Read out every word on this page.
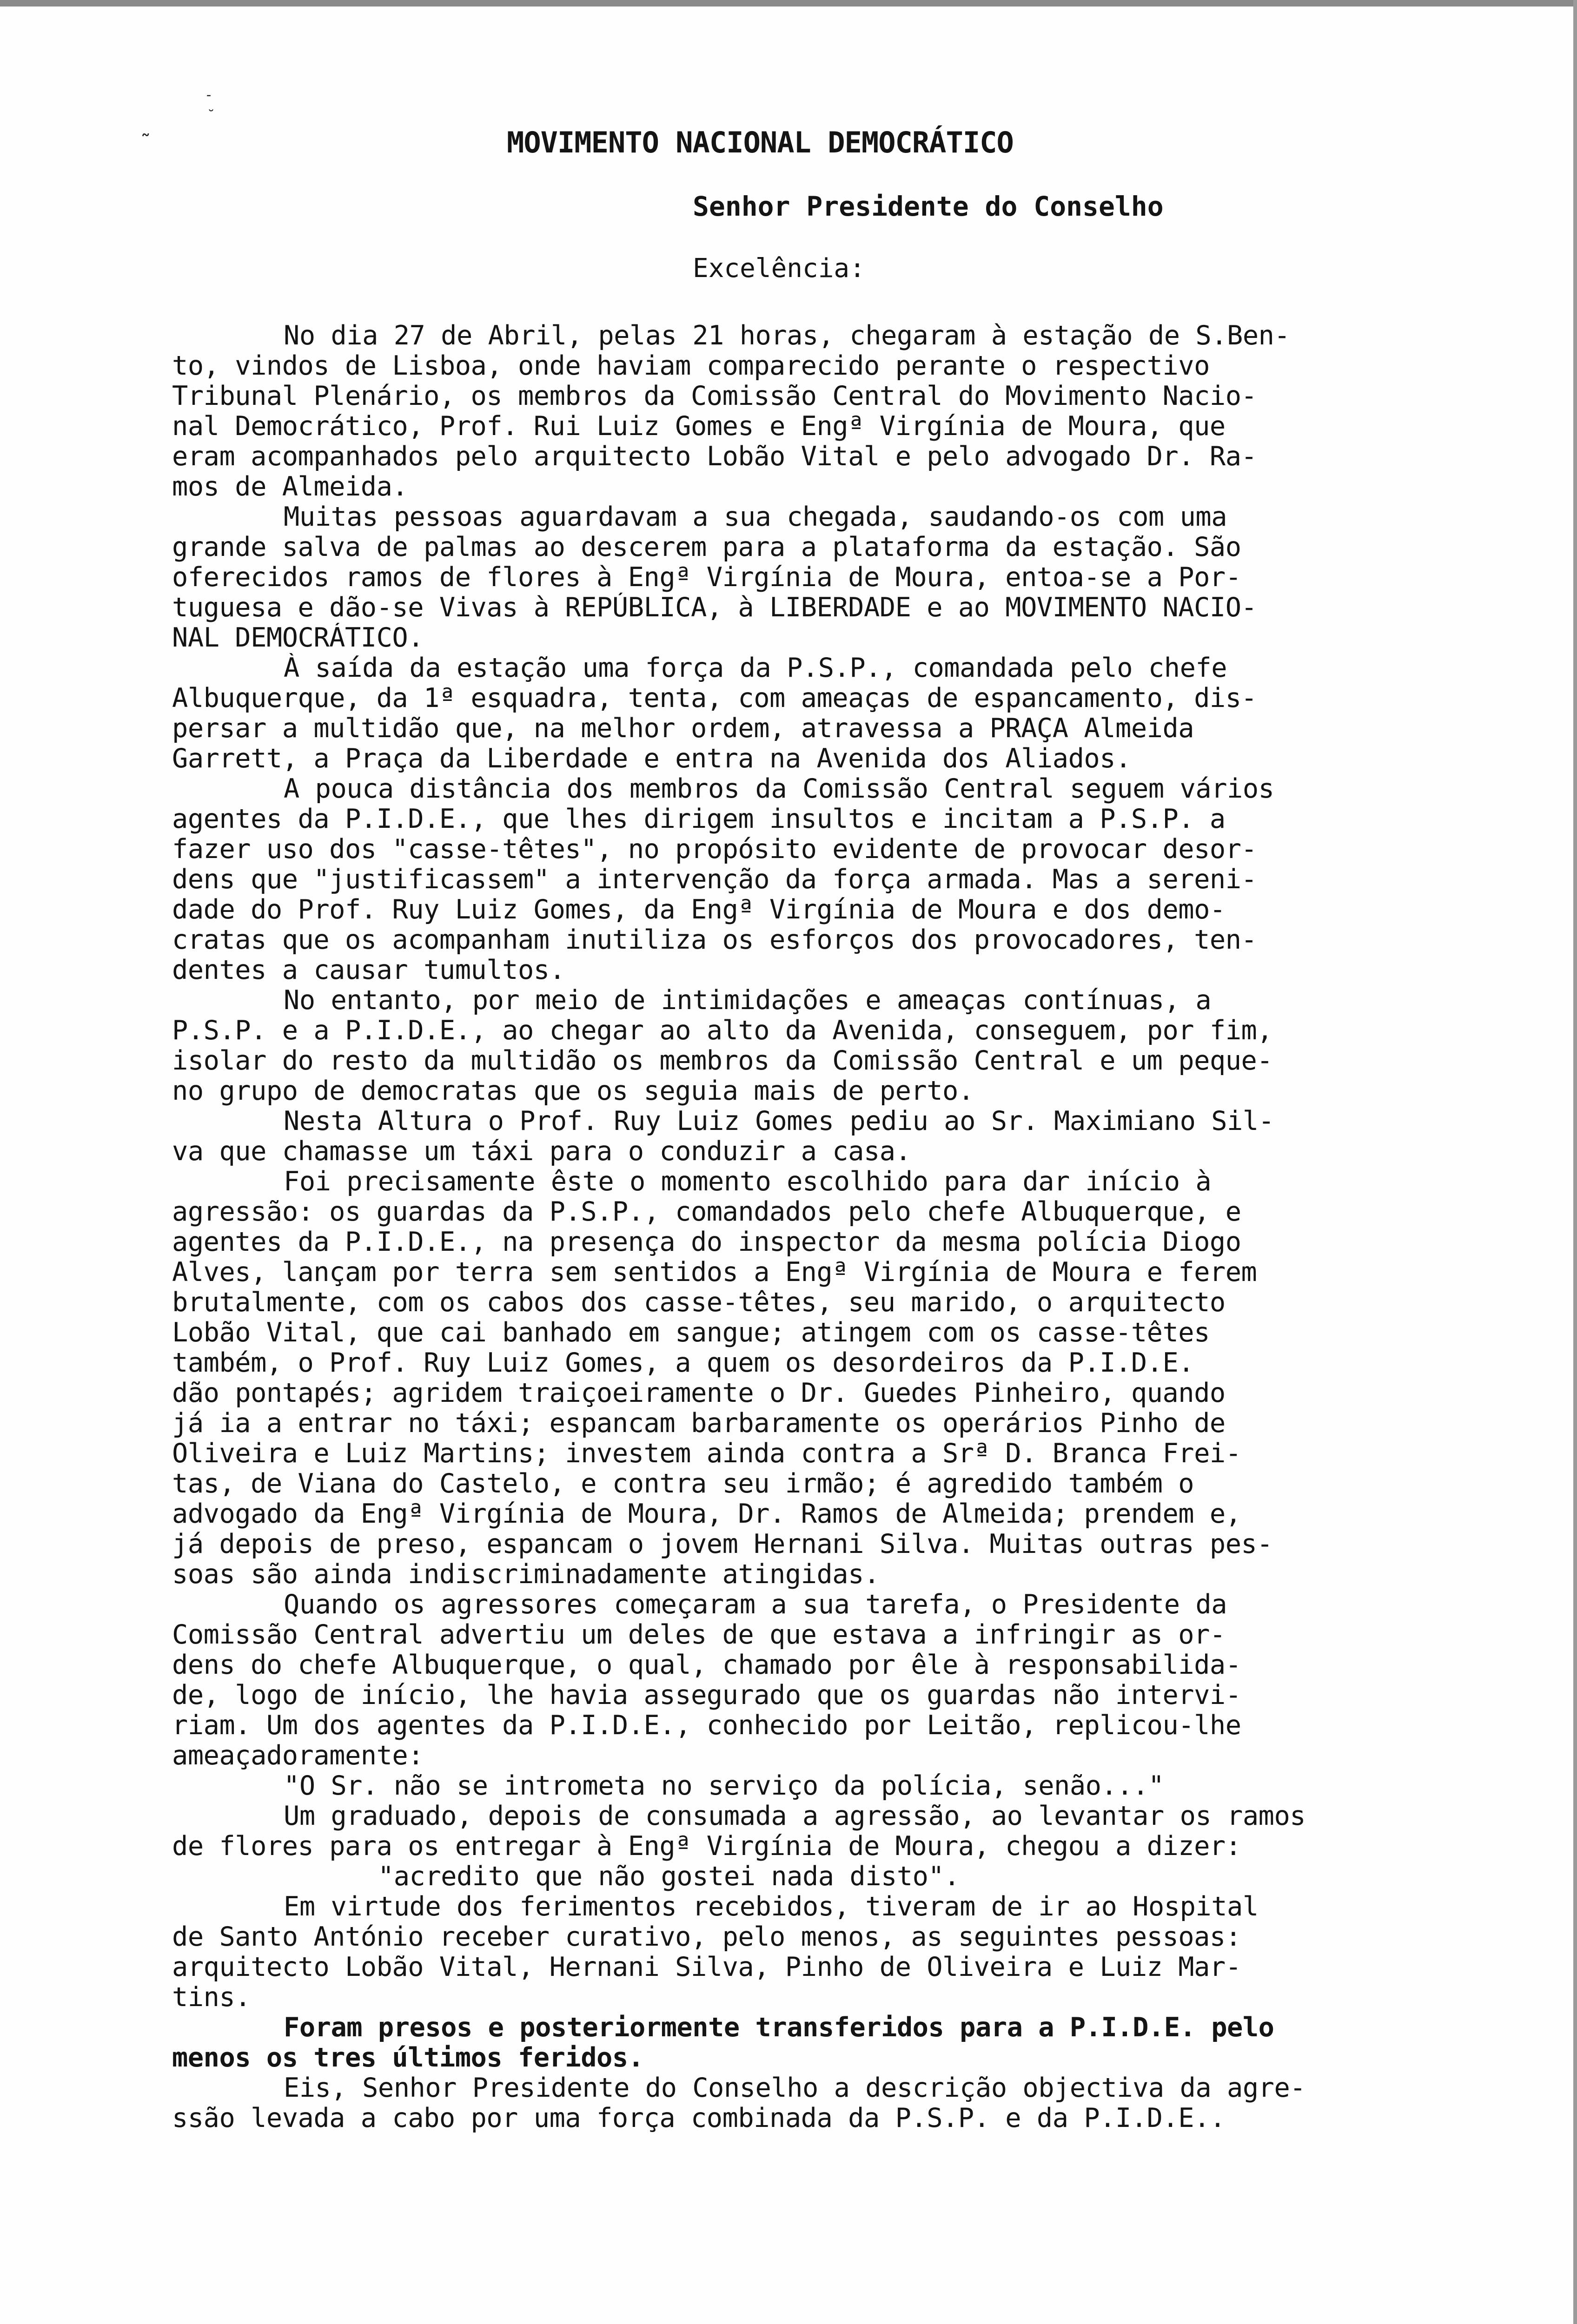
˜
-
˘
MOVIMENTO NACIONAL DEMOCRÁTICO
Senhor Presidente do Conselho
Excelência:
No dia 27 de Abril, pelas 21 horas, chegaram à estação de S.Ben-
to, vindos de Lisboa, onde haviam comparecido perante o respectivo
Tribunal Plenário, os membros da Comissão Central do Movimento Nacio-
nal Democrático, Prof. Rui Luiz Gomes e Engª Virgínia de Moura, que
eram acompanhados pelo arquitecto Lobão Vital e pelo advogado Dr. Ra-
mos de Almeida.
Muitas pessoas aguardavam a sua chegada, saudando-os com uma
grande salva de palmas ao descerem para a plataforma da estação. São
oferecidos ramos de flores à Engª Virgínia de Moura, entoa-se a Por-
tuguesa e dão-se Vivas à REPÚBLICA, à LIBERDADE e ao MOVIMENTO NACIO-
NAL DEMOCRÁTICO.
À saída da estação uma força da P.S.P., comandada pelo chefe
Albuquerque, da 1ª esquadra, tenta, com ameaças de espancamento, dis-
persar a multidão que, na melhor ordem, atravessa a PRAÇA Almeida
Garrett, a Praça da Liberdade e entra na Avenida dos Aliados.
A pouca distância dos membros da Comissão Central seguem vários
agentes da P.I.D.E., que lhes dirigem insultos e incitam a P.S.P. a
fazer uso dos "casse-têtes", no propósito evidente de provocar desor-
dens que "justificassem" a intervenção da força armada. Mas a sereni-
dade do Prof. Ruy Luiz Gomes, da Engª Virgínia de Moura e dos demo-
cratas que os acompanham inutiliza os esforços dos provocadores, ten-
dentes a causar tumultos.
No entanto, por meio de intimidações e ameaças contínuas, a
P.S.P. e a P.I.D.E., ao chegar ao alto da Avenida, conseguem, por fim,
isolar do resto da multidão os membros da Comissão Central e um peque-
no grupo de democratas que os seguia mais de perto.
Nesta Altura o Prof. Ruy Luiz Gomes pediu ao Sr. Maximiano Sil-
va que chamasse um táxi para o conduzir a casa.
Foi precisamente êste o momento escolhido para dar início à
agressão: os guardas da P.S.P., comandados pelo chefe Albuquerque, e
agentes da P.I.D.E., na presença do inspector da mesma polícia Diogo
Alves, lançam por terra sem sentidos a Engª Virgínia de Moura e ferem
brutalmente, com os cabos dos casse-têtes, seu marido, o arquitecto
Lobão Vital, que cai banhado em sangue; atingem com os casse-têtes
também, o Prof. Ruy Luiz Gomes, a quem os desordeiros da P.I.D.E.
dão pontapés; agridem traiçoeiramente o Dr. Guedes Pinheiro, quando
já ia a entrar no táxi; espancam barbaramente os operários Pinho de
Oliveira e Luiz Martins; investem ainda contra a Srª D. Branca Frei-
tas, de Viana do Castelo, e contra seu irmão; é agredido também o
advogado da Engª Virgínia de Moura, Dr. Ramos de Almeida; prendem e,
já depois de preso, espancam o jovem Hernani Silva. Muitas outras pes-
soas são ainda indiscriminadamente atingidas.
Quando os agressores começaram a sua tarefa, o Presidente da
Comissão Central advertiu um deles de que estava a infringir as or-
dens do chefe Albuquerque, o qual, chamado por êle à responsabilida-
de, logo de início, lhe havia assegurado que os guardas não intervi-
riam. Um dos agentes da P.I.D.E., conhecido por Leitão, replicou-lhe
ameaçadoramente:
"O Sr. não se intrometa no serviço da polícia, senão..."
Um graduado, depois de consumada a agressão, ao levantar os ramos
de flores para os entregar à Engª Virgínia de Moura, chegou a dizer:
"acredito que não gostei nada disto".
Em virtude dos ferimentos recebidos, tiveram de ir ao Hospital
de Santo António receber curativo, pelo menos, as seguintes pessoas:
arquitecto Lobão Vital, Hernani Silva, Pinho de Oliveira e Luiz Mar-
tins.
Foram presos e posteriormente transferidos para a P.I.D.E. pelo
menos os tres últimos feridos.
Eis, Senhor Presidente do Conselho a descrição objectiva da agre-
ssão levada a cabo por uma força combinada da P.S.P. e da P.I.D.E..
